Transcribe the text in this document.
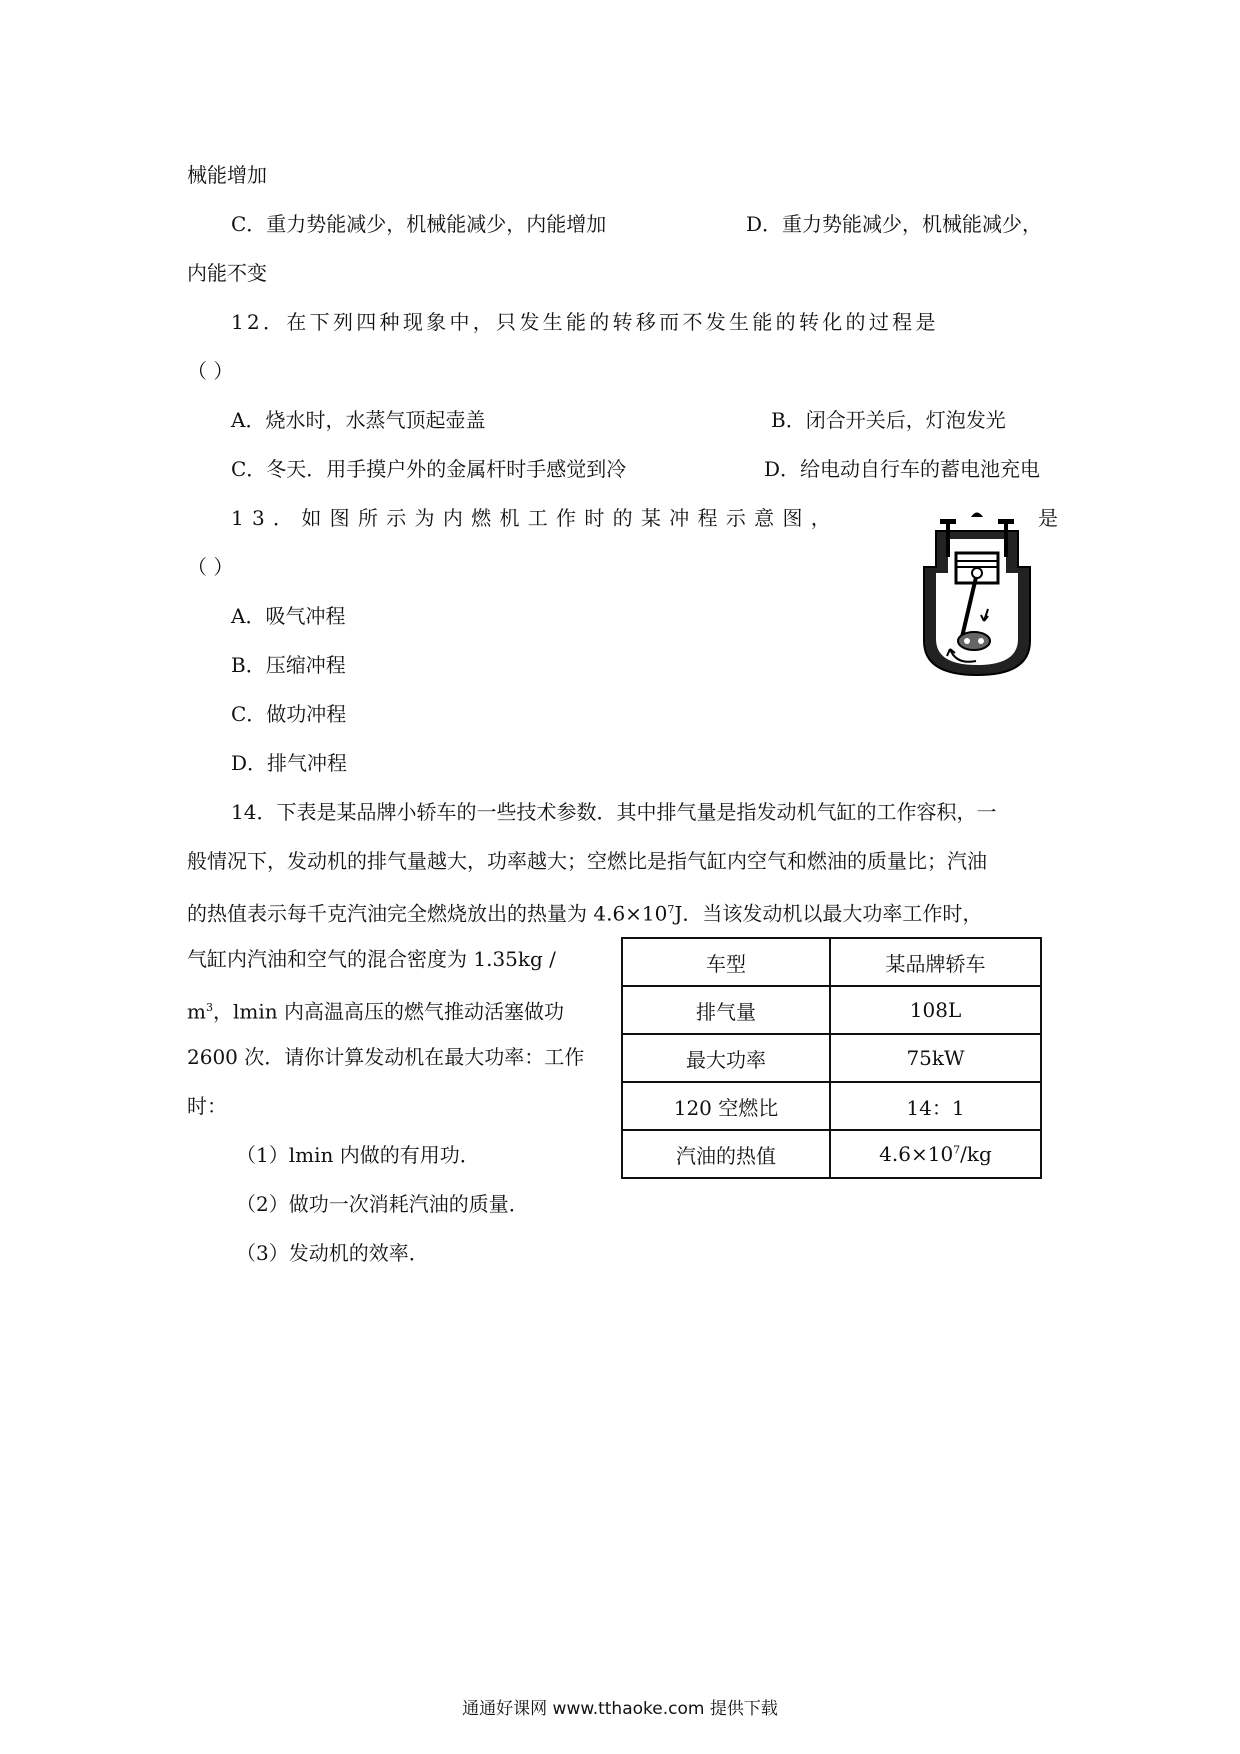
械能增加
C．重力势能减少，机械能减少，内能增加	D．重力势能减少，机械能减少，
内能不变
12．在下列四种现象中，只发生能的转移而不发生能的转化的过程是
（ ）
A．烧水时，水蒸气顶起壶盖	B．闭合开关后，灯泡发光
C．冬天．用手摸户外的金属杆时手感觉到冷	D．给电动自行车的蓄电池充电
13．如图所示为内燃机工作时的某冲程示意图，	是
（ ）
A．吸气冲程
B．压缩冲程
C．做功冲程
D．排气冲程
14．下表是某品牌小轿车的一些技术参数．其中排气量是指发动机气缸的工作容积，一
般情况下，发动机的排气量越大，功率越大；空燃比是指气缸内空气和燃油的质量比；汽油
的热值表示每千克汽油完全燃烧放出的热量为 $4.6\times 10^7J$．当该发动机以最大功率工作时，
气缸内汽油和空气的混合密度为 1.35kg /
$m^3$，lmin 内高温高压的燃气推动活塞做功
2600 次．请你计算发动机在最大功率：工作
时：
（1）lmin 内做的有用功．
（2）做功一次消耗汽油的质量．
（3）发动机的效率．
车型	某品牌轿车
排气量	108L
最大功率	75kW
120 空燃比	14：1
汽油的热值	$4.6\times 10^7/kg$
通通好课网 www.tthaoke.com 提供下载
